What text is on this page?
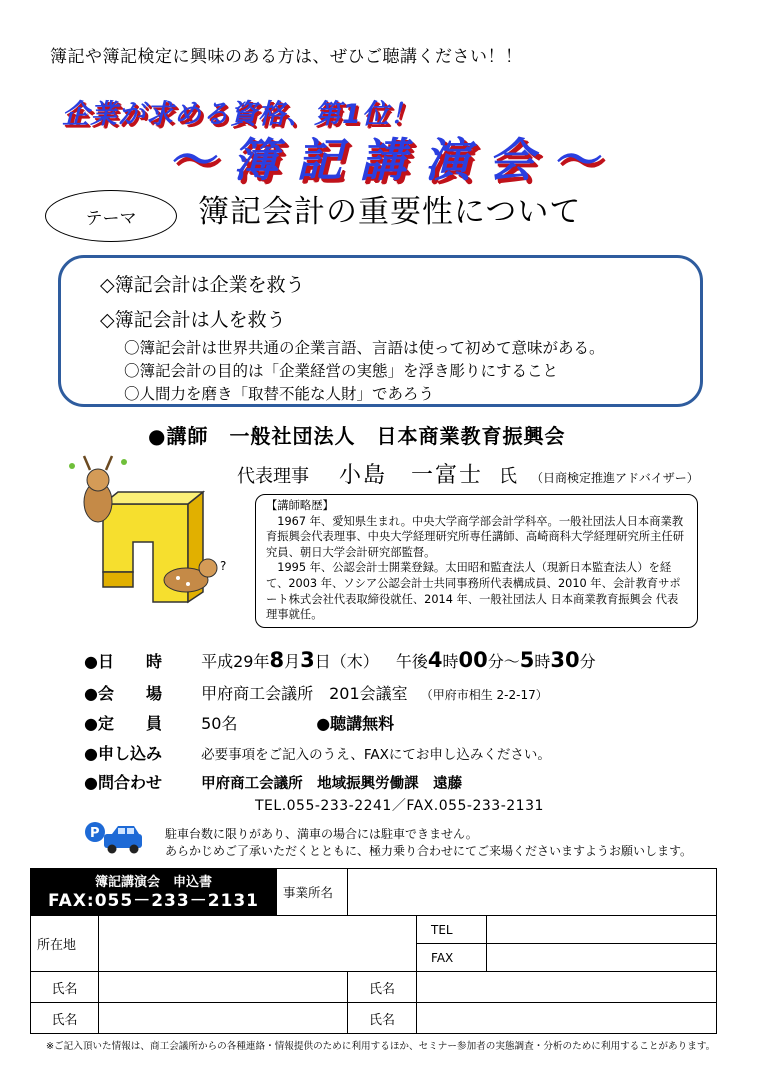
簿記や簿記検定に興味のある方は、ぜひご聴講ください！！
企業が求める資格、第1位！
～簿記講演会～
テーマ 簿記会計の重要性について
◇簿記会計は企業を救う
◇簿記会計は人を救う
〇簿記会計は世界共通の企業言語、言語は使って初めて意味がある。
〇簿記会計の目的は「企業経営の実態」を浮き彫りにすること
〇人間力を磨き「取替不能な人財」であろう
●講師　一般社団法人　日本商業教育振興会
代表理事 小島　一富士 氏 （日商検定推進アドバイザー）
?
【講師略歴】
　1967 年、愛知県生まれ。中央大学商学部会計学科卒。一般社団法人日本商業教育振興会代表理事、中央大学経理研究所専任講師、高崎商科大学経理研究所主任研究員、朝日大学会計研究部監督。
　1995 年、公認会計士開業登録。太田昭和監査法人（現新日本監査法人）を経て、2003 年、ソシア公認会計士共同事務所代表構成員、2010 年、会計教育サポート株式会社代表取締役就任、2014 年、一般社団法人 日本商業教育振興会 代表理事就任。
●日　　時 平成29年8月3日（木） 午後4時00分～5時30分
●会　　場 甲府商工会議所　201会議室 （甲府市相生 2-2-17）
●定　　員 50名	●聴講無料
●申し込み	必要事項をご記入のうえ、FAXにてお申し込みください。
●問合わせ	甲府商工会議所　地域振興労働課　遠藤
TEL.055-233-2241／FAX.055-233-2131
P	駐車台数に限りがあり、満車の場合には駐車できません。
あらかじめご了承いただくとともに、極力乗り合わせにてご来場くださいますようお願いします。
簿記講演会　申込書
FAX:055－233－2131		事業所名			
所在地				TEL	
				FAX	
氏名			氏名		
氏名			氏名		
※ご記入頂いた情報は、商工会議所からの各種連絡・情報提供のために利用するほか、セミナー参加者の実態調査・分析のために利用することがあります。
